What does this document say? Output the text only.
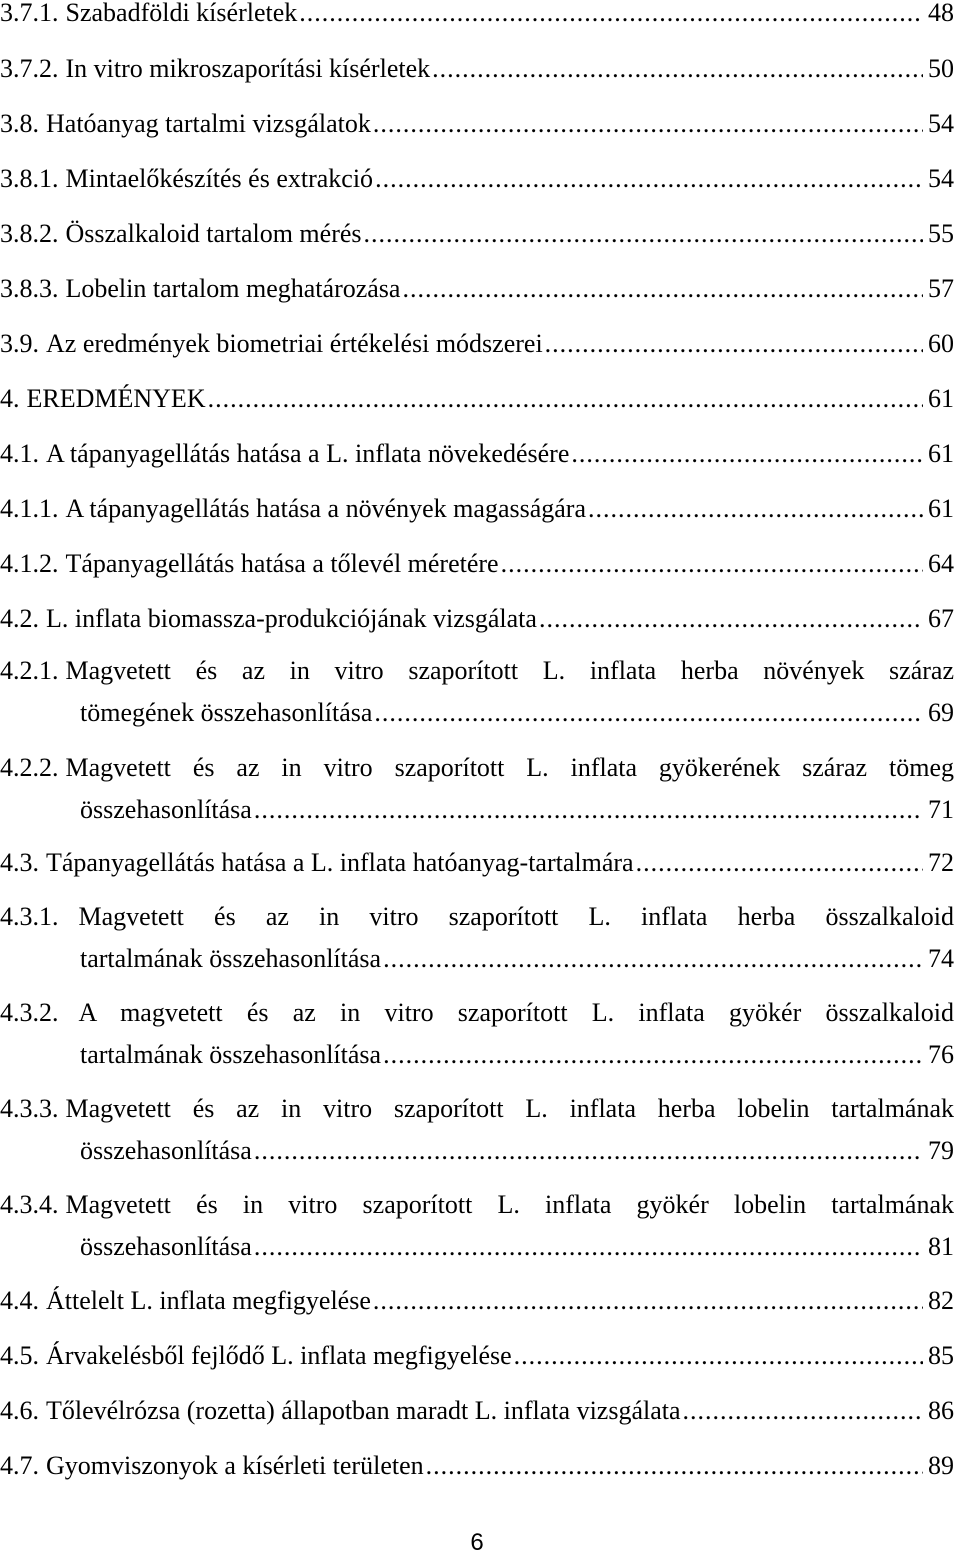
3.7.1. Szabadföldi kísérletek .....	48
3.7.2. In vitro mikroszaporítási kísérletek .....	50
3.8. Hatóanyag tartalmi vizsgálatok .....	54
3.8.1. Mintaelőkészítés és extrakció .....	54
3.8.2. Összalkaloid tartalom mérés .....	55
3.8.3. Lobelin tartalom meghatározása .....	57
3.9. Az eredmények biometriai értékelési módszerei .....	60
4. EREDMÉNYEK .....	61
4.1. A tápanyagellátás hatása a L. inflata növekedésére .....	61
4.1.1. A tápanyagellátás hatása a növények magasságára .....	61
4.1.2. Tápanyagellátás hatása a tőlevél méretére .....	64
4.2. L. inflata biomassza-produkciójának vizsgálata .....	67
4.2.1. Magvetett és az in vitro szaporított L. inflata herba növények száraz
tömegének összehasonlítása .....	69
4.2.2. Magvetett és az in vitro szaporított L. inflata gyökerének száraz tömeg
összehasonlítása .....	71
4.3. Tápanyagellátás hatása a L. inflata hatóanyag-tartalmára .....	72
4.3.1. Magvetett és az in vitro szaporított L. inflata herba összalkaloid
tartalmának összehasonlítása .....	74
4.3.2. A magvetett és az in vitro szaporított L. inflata gyökér összalkaloid
tartalmának összehasonlítása .....	76
4.3.3. Magvetett és az in vitro szaporított L. inflata herba lobelin tartalmának
összehasonlítása .....	79
4.3.4. Magvetett és in vitro szaporított L. inflata gyökér lobelin tartalmának
összehasonlítása .....	81
4.4. Áttelelt L. inflata megfigyelése .....	82
4.5. Árvakelésből fejlődő L. inflata megfigyelése .....	85
4.6. Tőlevélrózsa (rozetta) állapotban maradt L. inflata vizsgálata .....	86
4.7. Gyomviszonyok a kísérleti területen .....	89
6
